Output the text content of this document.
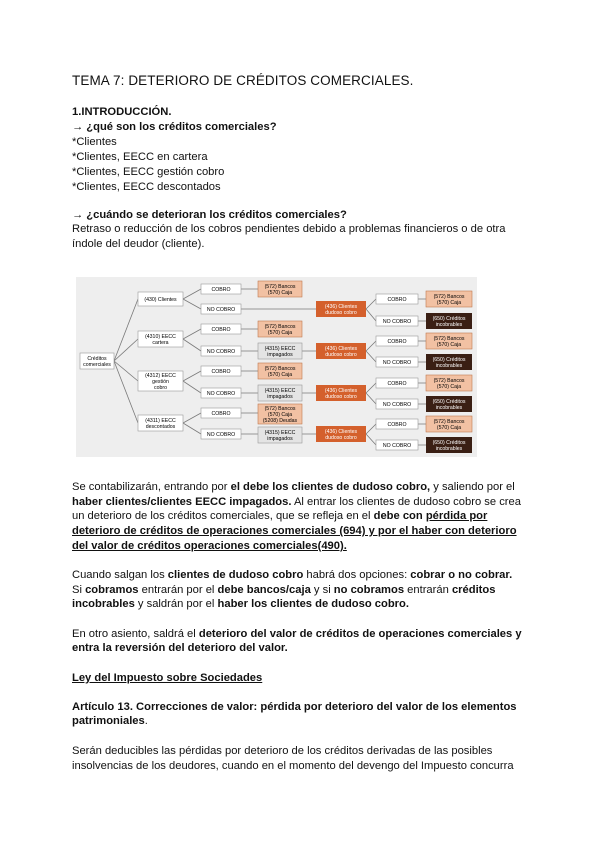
TEMA 7: DETERIORO DE CRÉDITOS COMERCIALES.
1.INTRODUCCIÓN.
→ ¿qué son los créditos comerciales?
*Clientes
*Clientes, EECC en cartera
*Clientes, EECC gestión cobro
*Clientes, EECC descontados
→ ¿cuándo se deterioran los créditos comerciales?
Retraso o reducción de los cobros pendientes debido a problemas financieros o de otra
índole del deudor (cliente).
Créditos
comerciales
(430) Clientes
(4310) EECC
cartera
(4312) EECC
gestión
cobro
(4311) EECC
descontados
COBRO
NO COBRO
COBRO
NO COBRO
COBRO
NO COBRO
COBRO
NO COBRO
(572) Bancos
(570) Caja
(572) Bancos
(570) Caja
(4315) EECC
impagados
(572) Bancos
(570) Caja
(4315) EECC
impagados
(572) Bancos
(570) Caja
(5208) Deudas
(4315) EECC
impagados
(436) Clientes
dudoso cobro
(436) Clientes
dudoso cobro
(436) Clientes
dudoso cobro
(436) Clientes
dudoso cobro
COBRO
NO COBRO
COBRO
NO COBRO
COBRO
NO COBRO
COBRO
NO COBRO
(572) Bancos
(570) Caja
(572) Bancos
(570) Caja
(572) Bancos
(570) Caja
(572) Bancos
(570) Caja
(650) Créditos
incobrables
(650) Créditos
incobrables
(650) Créditos
incobrables
(650) Créditos
incobrables
Se contabilizarán, entrando por el debe los clientes de dudoso cobro, y saliendo por el
haber clientes/clientes EECC impagados. Al entrar los clientes de dudoso cobro se crea
un deterioro de los créditos comerciales, que se refleja en el debe con pérdida por
deterioro de créditos de operaciones comerciales (694) y por el haber con deterioro
del valor de créditos operaciones comerciales(490).
Cuando salgan los clientes de dudoso cobro habrá dos opciones: cobrar o no cobrar.
Si cobramos entrarán por el debe bancos/caja y si no cobramos entrarán créditos
incobrables y saldrán por el haber los clientes de dudoso cobro.
En otro asiento, saldrá el deterioro del valor de créditos de operaciones comerciales y
entra la reversión del deterioro del valor.
Ley del Impuesto sobre Sociedades
Artículo 13. Correcciones de valor: pérdida por deterioro del valor de los elementos
patrimoniales.
Serán deducibles las pérdidas por deterioro de los créditos derivadas de las posibles
insolvencias de los deudores, cuando en el momento del devengo del Impuesto concurra
